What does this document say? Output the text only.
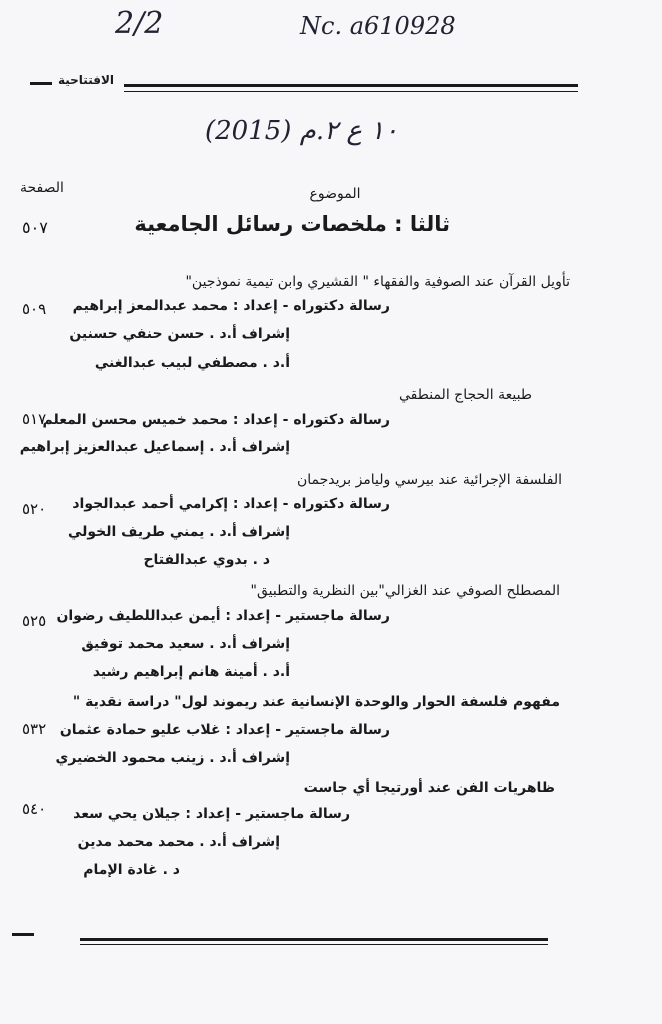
2/2	Nc. a610928
(2015) ١٠ ع ٢.م
الافتتاحية
الصفحة	الموضوع
٥٠٧	ثالثا : ملخصات رسائل الجامعية
تأويل القرآن عند الصوفية والفقهاء " القشيري وابن تيمية نموذجين"
٥٠٩ رسالة دكتوراه - إعداد : محمد عبدالمعز إبراهيم
إشراف أ.د . حسن حنفي حسنين
أ.د . مصطفي لبيب عبدالغني
طبيعة الحجاج المنطقي
٥١٧
رسالة دكتوراه - إعداد : محمد خميس محسن المعلم
إشراف أ.د . إسماعيل عبدالعزيز إبراهيم
الفلسفة الإجرائية عند بيرسي وليامز بريدجمان
٥٢٠ رسالة دكتوراه - إعداد : إكرامي أحمد عبدالجواد
إشراف أ.د . يمني طريف الخولي
د . بدوي عبدالفتاح
المصطلح الصوفي عند الغزالي"بين النظرية والتطبيق"
٥٢٥ رسالة ماجستير - إعداد : أيمن عبداللطيف رضوان
إشراف أ.د . سعيد محمد توفيق
أ.د . أمينة هانم إبراهيم رشيد
مفهوم فلسفة الحوار والوحدة الإنسانية عند ريموند لول" دراسة نقدية "
٥٣٢ رسالة ماجستير - إعداد : غلاب عليو حمادة عثمان
إشراف أ.د . زينب محمود الخضيري
ظاهريات الفن عند أورتيجا أي جاست
٥٤٠ رسالة ماجستير - إعداد : جيلان يحي سعد
إشراف أ.د . محمد محمد مدين
د . غادة الإمام
